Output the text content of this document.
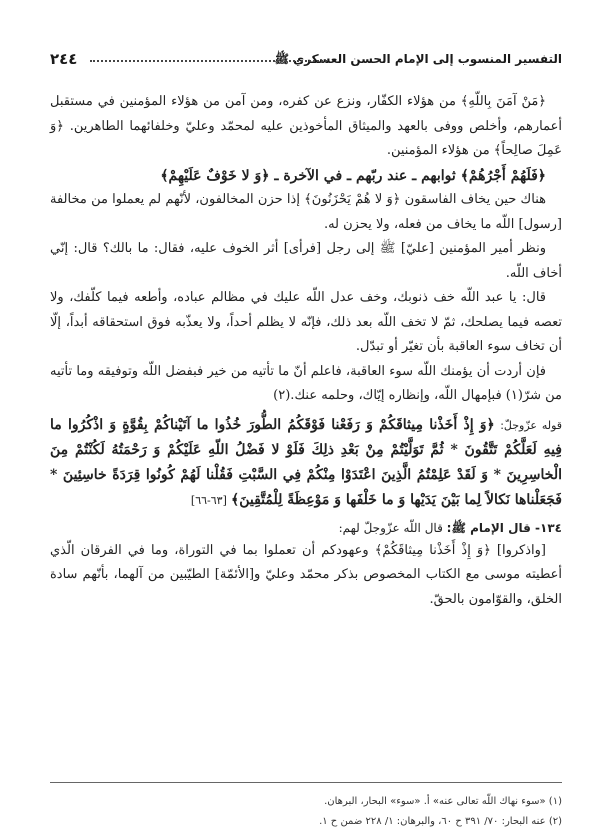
التفسير المنسوب إلى الإمام الحسن العسكري ﷺ
٢٤٤

﴿مَنْ آمَنَ بِاللّهِ﴾ من هؤلاء الكفّار، ونزع عن كفره، ومن آمن من هؤلاء المؤمنين في مستقبل أعمارهم، وأخلص ووفى بالعهد والميثاق المأخوذين عليه لمحمّد وعليّ وخلفائهما الطاهرين. ﴿وَ عَمِلَ صالِحاً﴾ من هؤلاء المؤمنين.

﴿فَلَهُمْ أَجْرُهُمْ﴾ ثوابهم ـ عند ربّهم ـ في الآخرة ـ ﴿وَ لا خَوْفٌ عَلَيْهِمْ﴾

هناك حين يخاف الفاسقون ﴿وَ لا هُمْ يَحْزَنُونَ﴾ إذا حزن المخالفون، لأنّهم لم يعملوا من مخالفة [رسول] اللّه ما يخاف من فعله، ولا يحزن له.

ونظر أمير المؤمنين [عليّ] ﷺ إلى رجل [فرأى] أثر الخوف عليه، فقال: ما بالك؟ قال: إنّي أخاف اللّه.

قال: يا عبد اللّه خف ذنوبك، وخف عدل اللّه عليك في مظالم عباده، وأطعه فيما كلّفك، ولا تعصه فيما يصلحك، ثمّ لا تخف اللّه بعد ذلك، فإنّه لا يظلم أحداً، ولا يعذّبه فوق استحقاقه أبداً، إلّا أن تخاف سوء العاقبة بأن تغيّر أو تبدّل.

فإن أردت أن يؤمنك اللّه سوء العاقبة، فاعلم أنّ ما تأتيه من خير فبفضل اللّه وتوفيقه وما تأتيه من شرّ(١) فبإمهال اللّه، وإنظاره إيّاك، وحلمه عنك.(٢)

قوله عزّوجلّ: ﴿وَ إِذْ أَخَذْنا مِيثاقَكُمْ وَ رَفَعْنا فَوْقَكُمُ الطُّورَ خُذُوا ما آتَيْناكُمْ بِقُوَّةٍ وَ اذْكُرُوا ما فِيهِ لَعَلَّكُمْ تَتَّقُونَ * ثُمَّ تَوَلَّيْتُمْ مِنْ بَعْدِ ذلِكَ فَلَوْ لا فَضْلُ اللّهِ عَلَيْكُمْ وَ رَحْمَتُهُ لَكُنْتُمْ مِنَ الْخاسِرِينَ * وَ لَقَدْ عَلِمْتُمُ الَّذِينَ اعْتَدَوْا مِنْكُمْ فِي السَّبْتِ فَقُلْنا لَهُمْ كُونُوا قِرَدَةً خاسِئِينَ * فَجَعَلْناها نَكالاً لِما بَيْنَ يَدَيْها وَ ما خَلْفَها وَ مَوْعِظَةً لِلْمُتَّقِينَ﴾ [٦٣-٦٦]
١٣٤- قال الإمام ﷺ: قال اللّه عزّوجلّ لهم:

[واذكروا] ﴿وَ إِذْ أَخَذْنا مِيثاقَكُمْ﴾ وعهودكم أن تعملوا بما في التوراة، وما في الفرقان الّذي أعطيته موسى مع الكتاب المخصوص بذكر محمّد وعليّ و[الأئمّة] الطيّبين من آلهما، بأنّهم سادة الخلق، والقوّامون بالحقّ.

(١) «سوء نهاك اللّه تعالى عنه» أ. «سوء» البحار، البرهان.
(٢) عنه البحار: ٧٠/ ٣٩١ ح ٦٠، والبرهان: ١/ ٢٢٨ ضمن ح ١.
